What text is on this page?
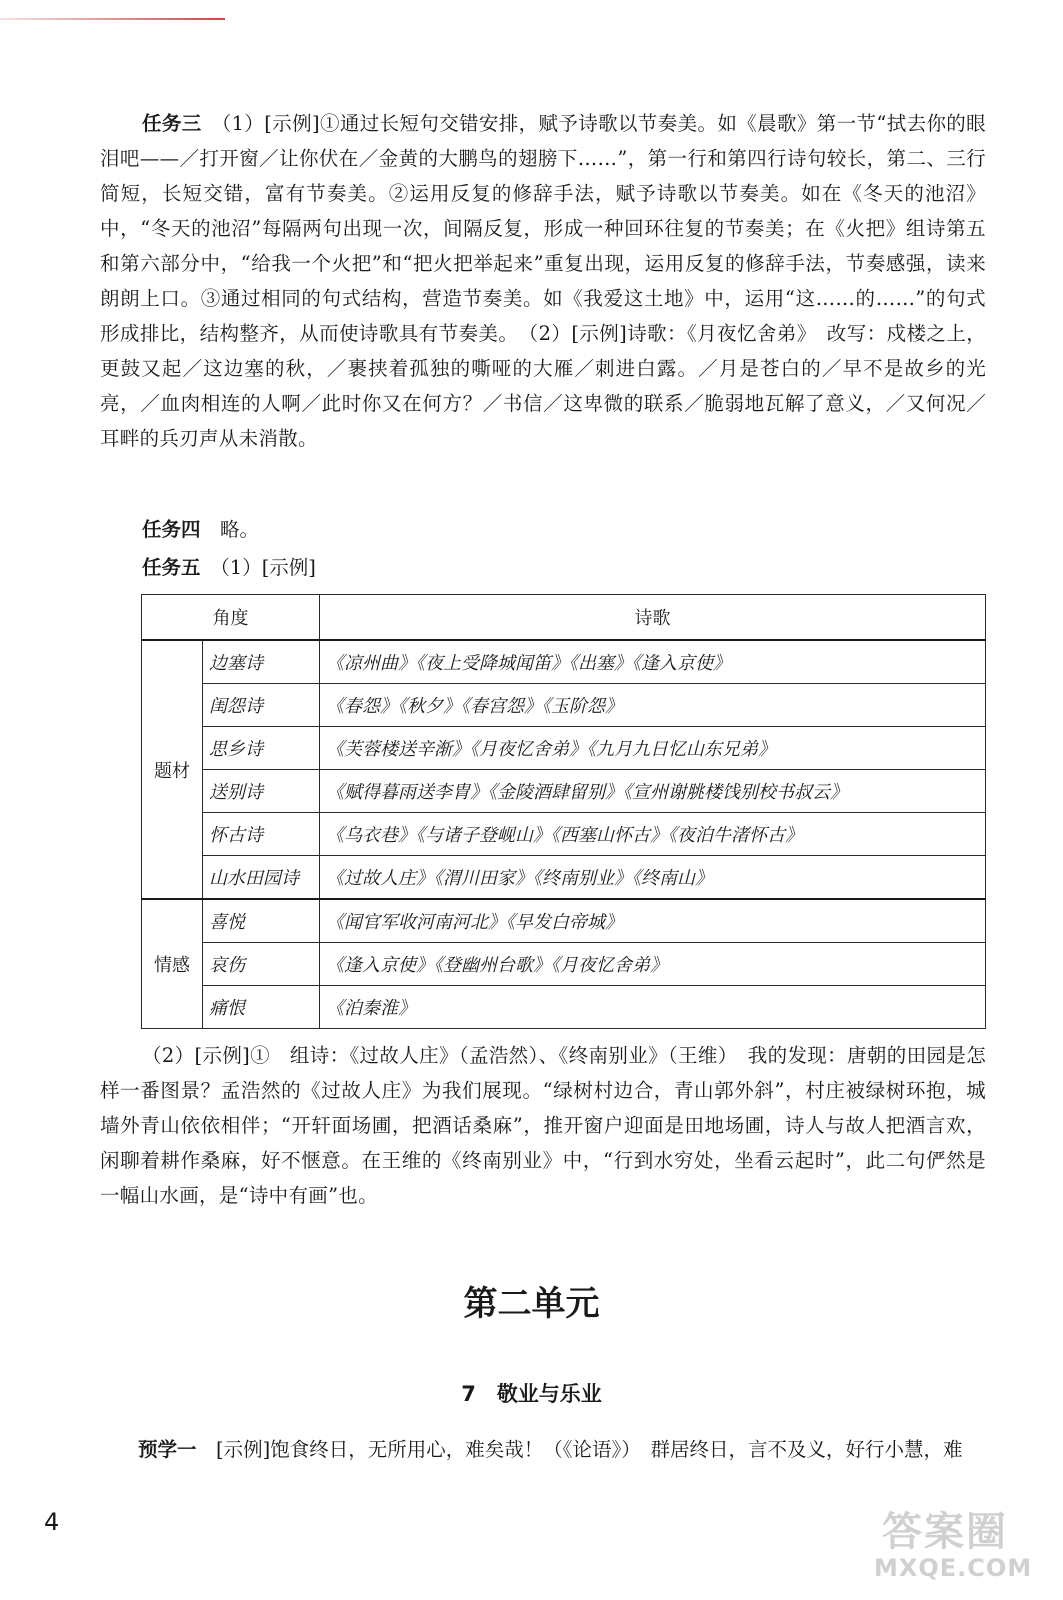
任务三　 （1）[示例]①通过长短句交错安排，赋予诗歌以节奏美。如《晨歌》第一节“拭去你的眼泪吧——／打开窗／让你伏在／金黄的大鹏鸟的翅膀下……”，第一行和第四行诗句较长，第二、三行简短，长短交错，富有节奏美。②运用反复的修辞手法，赋予诗歌以节奏美。如在《冬天的池沼》中，“冬天的池沼”每隔两句出现一次，间隔反复，形成一种回环往复的节奏美；在《火把》组诗第五和第六部分中，“给我一个火把”和“把火把举起来”重复出现，运用反复的修辞手法，节奏感强，读来朗朗上口。③通过相同的句式结构，营造节奏美。如《我爱这土地》中，运用“这……的……”的句式形成排比，结构整齐，从而使诗歌具有节奏美。　（2）[示例]诗歌：《月夜忆舍弟》　改写：戍楼之上，更鼓又起／这边塞的秋，／裹挟着孤独的嘶哑的大雁／刺进白露。／月是苍白的／早不是故乡的光亮，／血肉相连的人啊／此时你又在何方？／书信／这卑微的联系／脆弱地瓦解了意义，／又何况／耳畔的兵刃声从未消散。

任务四　 略。

任务五　 （1）[示例]

角度		诗歌
题材	边塞诗	《凉州曲》《夜上受降城闻笛》《出塞》《逢入京使》
	闺怨诗	《春怨》《秋夕》《春宫怨》《玉阶怨》
	思乡诗	《芙蓉楼送辛渐》《月夜忆舍弟》《九月九日忆山东兄弟》
	送别诗	《赋得暮雨送李胄》《金陵酒肆留别》《宣州谢脁楼饯别校书叔云》
	怀古诗	《乌衣巷》《与诸子登岘山》《西塞山怀古》《夜泊牛渚怀古》
	山水田园诗	《过故人庄》《渭川田家》《终南别业》《终南山》
情感	喜悦	《闻官军收河南河北》《早发白帝城》
	哀伤	《逢入京使》《登幽州台歌》《月夜忆舍弟》
	痛恨	《泊秦淮》

（2）[示例]①　组诗：《过故人庄》（孟浩然）、《终南别业》（王维）　我的发现：唐朝的田园是怎样一番图景？孟浩然的《过故人庄》为我们展现。“绿树村边合，青山郭外斜”，村庄被绿树环抱，城墙外青山依依相伴；“开轩面场圃，把酒话桑麻”，推开窗户迎面是田地场圃，诗人与故人把酒言欢，闲聊着耕作桑麻，好不惬意。在王维的《终南别业》中，“行到水穷处，坐看云起时”，此二句俨然是一幅山水画，是“诗中有画”也。

第二单元
7　 敬业与乐业

预学一　 [示例]饱食终日，无所用心，难矣哉！（《论语》）　群居终日，言不及义，好行小慧，难

4	答案圈
MXQE.COM
